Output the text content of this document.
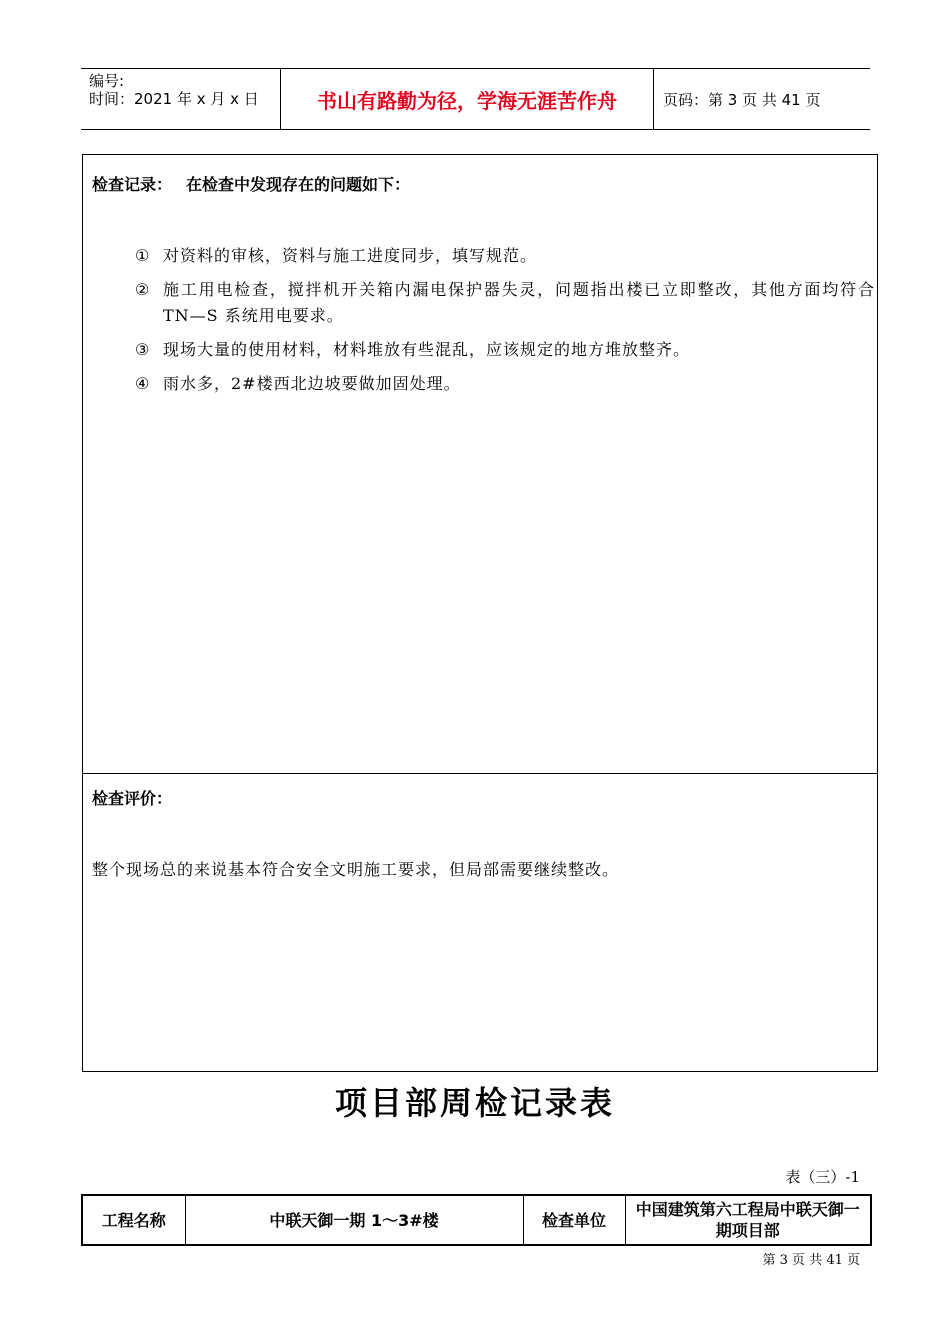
编号:
时间：2021 年 x 月 x 日	书山有路勤为径，学海无涯苦作舟	页码：第 3 页 共 41 页
检查记录： 在检查中发现存在的问题如下：
① 对资料的审核，资料与施工进度同步，填写规范。
② 施工用电检查，搅拌机开关箱内漏电保护器失灵，问题指出楼已立即整改，其他方面均符合 TN—S 系统用电要求。
③ 现场大量的使用材料，材料堆放有些混乱，应该规定的地方堆放整齐。
④ 雨水多，2#楼西北边坡要做加固处理。
检查评价：
整个现场总的来说基本符合安全文明施工要求，但局部需要继续整改。
项目部周检记录表
表（三）-1
工程名称	中联天御一期 1～3#楼	检查单位	中国建筑第六工程局中联天御一期项目部
第 3 页 共 41 页
